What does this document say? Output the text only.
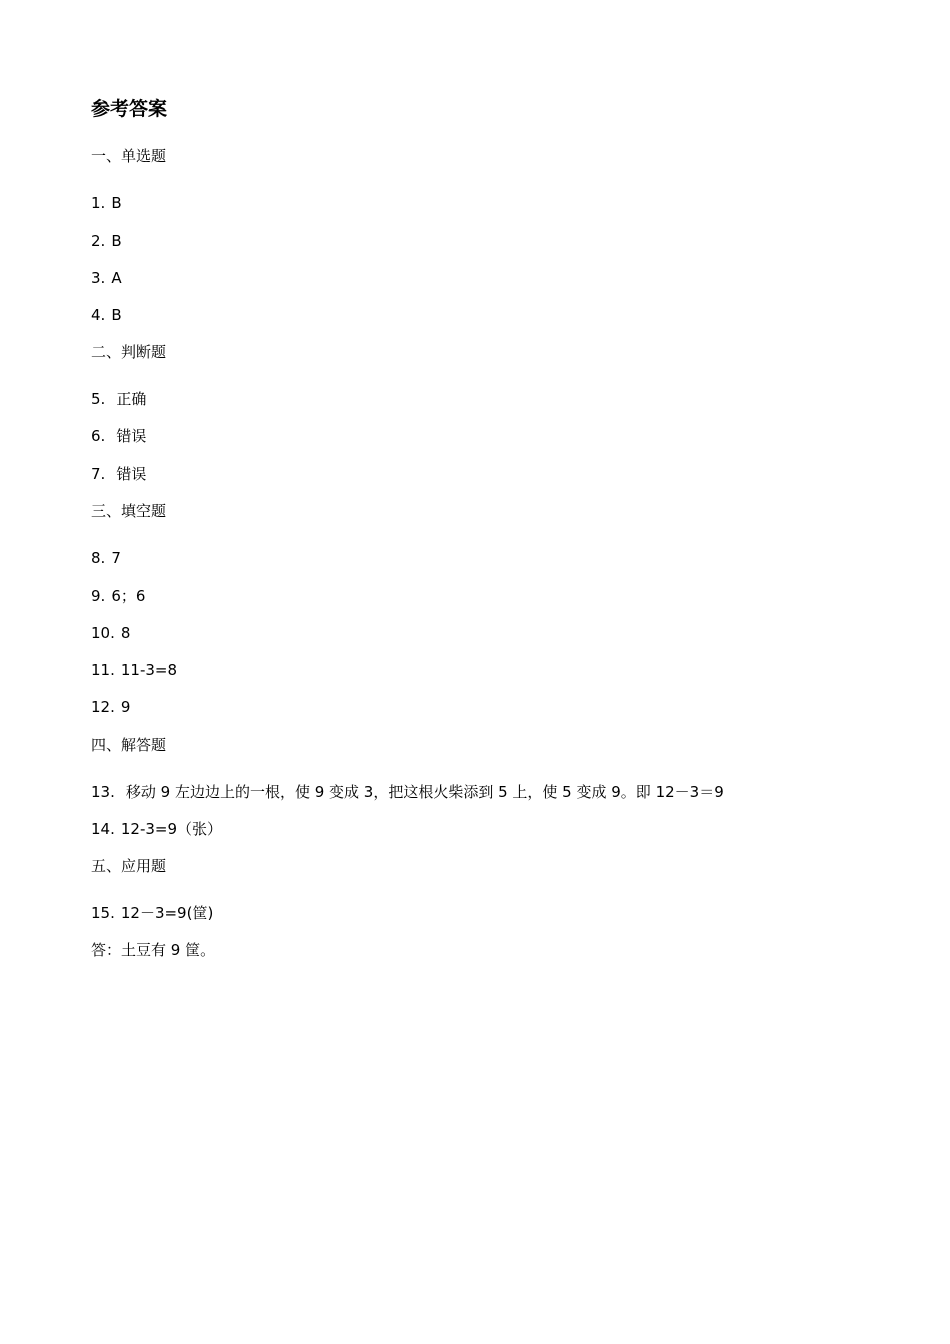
参考答案
一、单选题
1. B
2. B
3. A
4. B
二、判断题
5. 正确
6. 错误
7. 错误
三、填空题
8. 7
9. 6；6
10. 8
11. 11-3=8
12. 9
四、解答题
13. 移动 9 左边边上的一根，使 9 变成 3，把这根火柴添到 5 上，使 5 变成 9。即 12－3＝9
14. 12-3=9（张）
五、应用题
15. 12－3=9(筐)
答：土豆有 9 筐。
